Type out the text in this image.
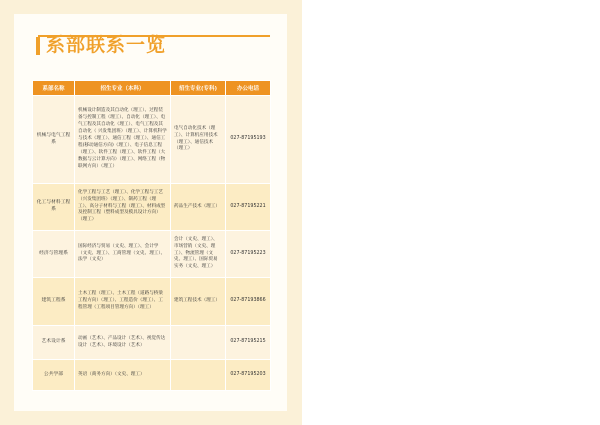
系部联系一览
系部名称	招生专业（本科）	招生专业(专科)	办公电话
机械与电气工程系	机械设计制造及其自动化（理工）、过程装备与控制工程（理工）、自动化（理工）、电气工程及其自动化（理工）、电气工程及其自动化（ 兴发集团班）（理工）、计算机科学与技术（理工）、通信工程（理工）、通信工程(移动通信方向)（理工）、电子信息工程（理工）、软件工程（理工）、软件工程（大数据与云计算方向）（理工）、网络工程（物联网方向）（理工）	电气自动化技术（理工）、计算机应用技术（理工）、通信技术（理工）	027-87195193
化工与材料工程系	化学工程与工艺（理工）、化学工程与工艺（兴发集团班）（理工）、制药工程（理工）、高分子材料与工程（理工）、材料成型及控制工程（塑料成型及模具设计方向）（理工）	药品生产技术（理工）	027-87195221
经济与管理系	国际经济与贸易（文史、理工）、会计学（文史、理工）、工商管理（文史、理工）、法学（文史）	会计（文史、理工）、市场营销（文史、理工）、物流管理（文史、理工）、国际贸易实务（文史、理工）	027-87195223
建筑工程系	土木工程（理工）、土木工程（道路与桥梁工程方向）（理工）、工程造价（理工）、工程管理（工程项目管理方向）（理工）	建筑工程技术（理工）	027-87193866
艺术设计系	动画（艺术）、产品设计（艺术）、视觉传达设计（艺术）、环境设计（艺术）		027-87195215
公共学部	英语（商务方向）（文史、理工）		027-87195203
